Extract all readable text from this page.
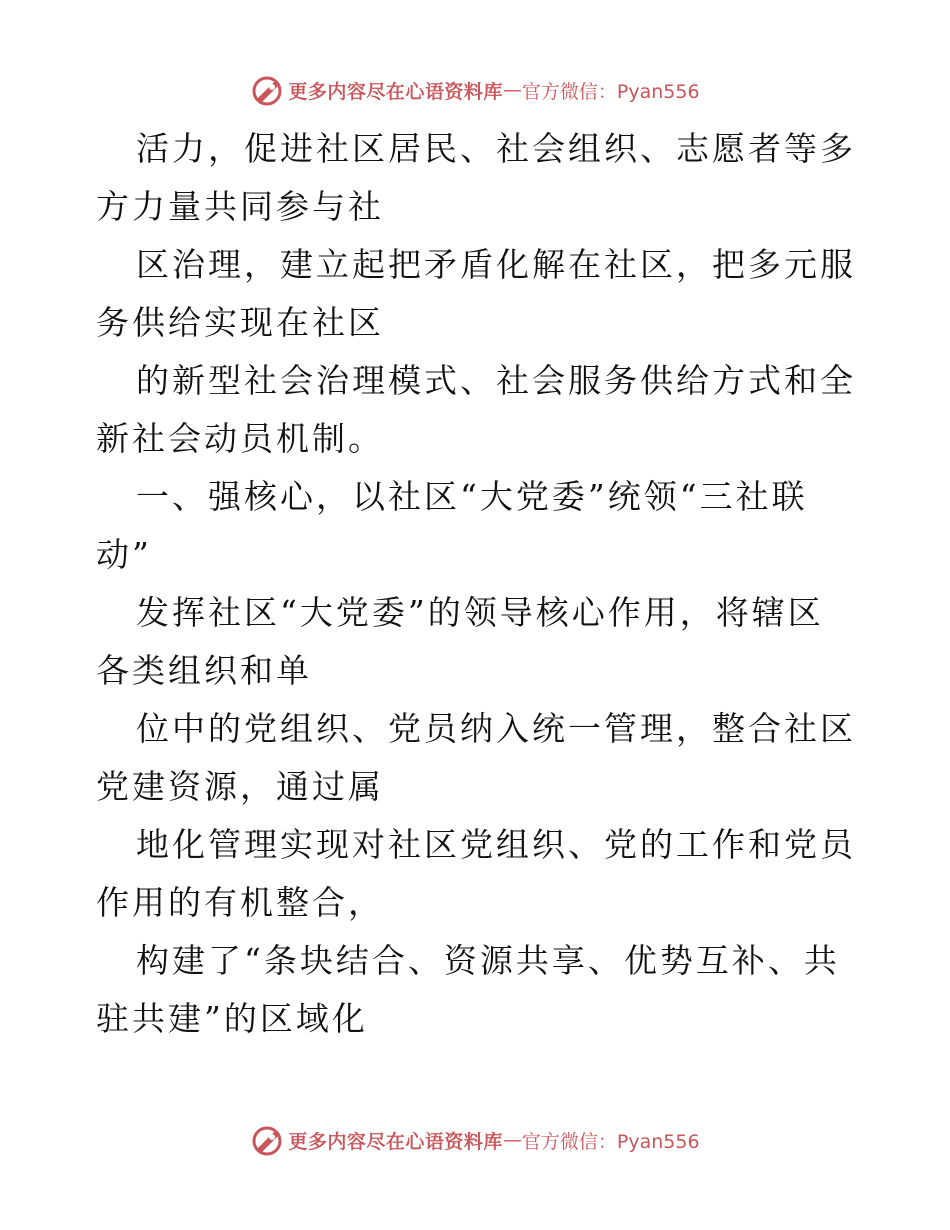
更多内容尽在心语资料库 — 官方微信：Pyan556

活力，促进社区居民、社会组织、志愿者等多方力量共同参与社

区治理，建立起把矛盾化解在社区，把多元服务供给实现在社区

的新型社会治理模式、社会服务供给方式和全新社会动员机制。

一、强核心，以社区“大党委”统领“三社联动”

发挥社区“大党委”的领导核心作用，将辖区各类组织和单

位中的党组织、党员纳入统一管理，整合社区党建资源，通过属

地化管理实现对社区党组织、党的工作和党员作用的有机整合，

构建了“条块结合、资源共享、优势互补、共驻共建”的区域化

更多内容尽在心语资料库 — 官方微信：Pyan556
